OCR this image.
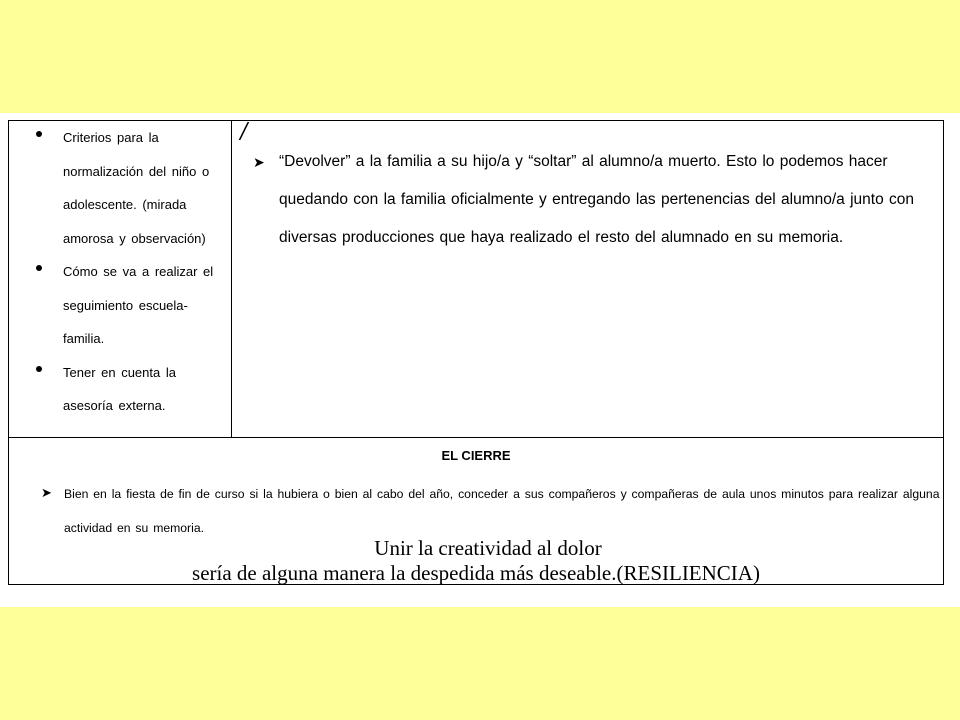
Criterios para la normalización del niño o adolescente. (mirada amorosa y observación)
Cómo se va a realizar el seguimiento escuela-familia.
Tener en cuenta la asesoría externa.
/
➤ “Devolver” a la familia a su hijo/a y “soltar” al alumno/a muerto. Esto lo podemos hacer quedando con la familia oficialmente y entregando las pertenencias del alumno/a junto con diversas producciones que haya realizado el resto del alumnado en su memoria.
EL CIERRE
➤ Bien en la fiesta de fin de curso si la hubiera o bien al cabo del año, conceder a sus compañeros y compañeras de aula unos minutos para realizar alguna actividad en su memoria.
Unir la creatividad al dolor
sería de alguna manera la despedida más deseable.(RESILIENCIA)
